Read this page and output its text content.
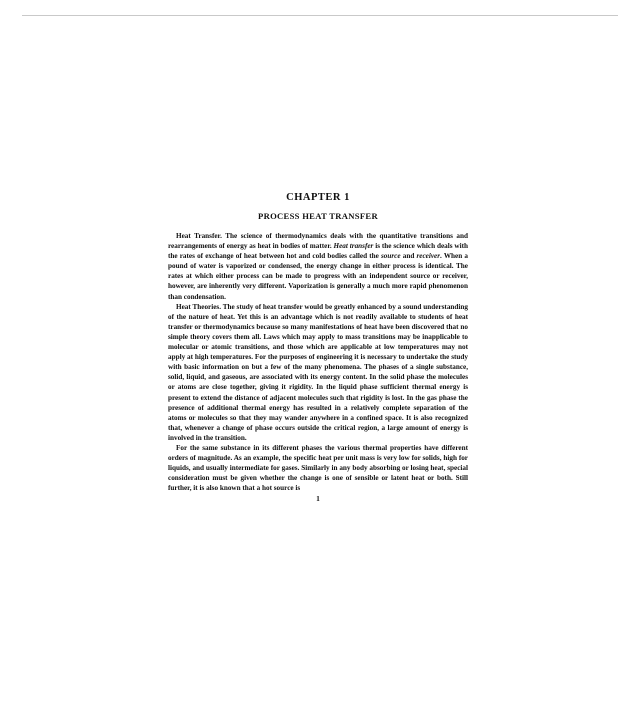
CHAPTER 1
PROCESS HEAT TRANSFER

Heat Transfer. The science of thermodynamics deals with the quantitative transitions and rearrangements of energy as heat in bodies of matter. Heat transfer is the science which deals with the rates of exchange of heat between hot and cold bodies called the source and receiver. When a pound of water is vaporized or condensed, the energy change in either process is identical. The rates at which either process can be made to progress with an independent source or receiver, however, are inherently very different. Vaporization is generally a much more rapid phenomenon than condensation.

Heat Theories. The study of heat transfer would be greatly enhanced by a sound understanding of the nature of heat. Yet this is an advantage which is not readily available to students of heat transfer or thermodynamics because so many manifestations of heat have been discovered that no simple theory covers them all. Laws which may apply to mass transitions may be inapplicable to molecular or atomic transitions, and those which are applicable at low temperatures may not apply at high temperatures. For the purposes of engineering it is necessary to undertake the study with basic information on but a few of the many phenomena. The phases of a single substance, solid, liquid, and gaseous, are associated with its energy content. In the solid phase the molecules or atoms are close together, giving it rigidity. In the liquid phase sufficient thermal energy is present to extend the distance of adjacent molecules such that rigidity is lost. In the gas phase the presence of additional thermal energy has resulted in a relatively complete separation of the atoms or molecules so that they may wander anywhere in a confined space. It is also recognized that, whenever a change of phase occurs outside the critical region, a large amount of energy is involved in the transition.

For the same substance in its different phases the various thermal properties have different orders of magnitude. As an example, the specific heat per unit mass is very low for solids, high for liquids, and usually intermediate for gases. Similarly in any body absorbing or losing heat, special consideration must be given whether the change is one of sensible or latent heat or both. Still further, it is also known that a hot source is

1
